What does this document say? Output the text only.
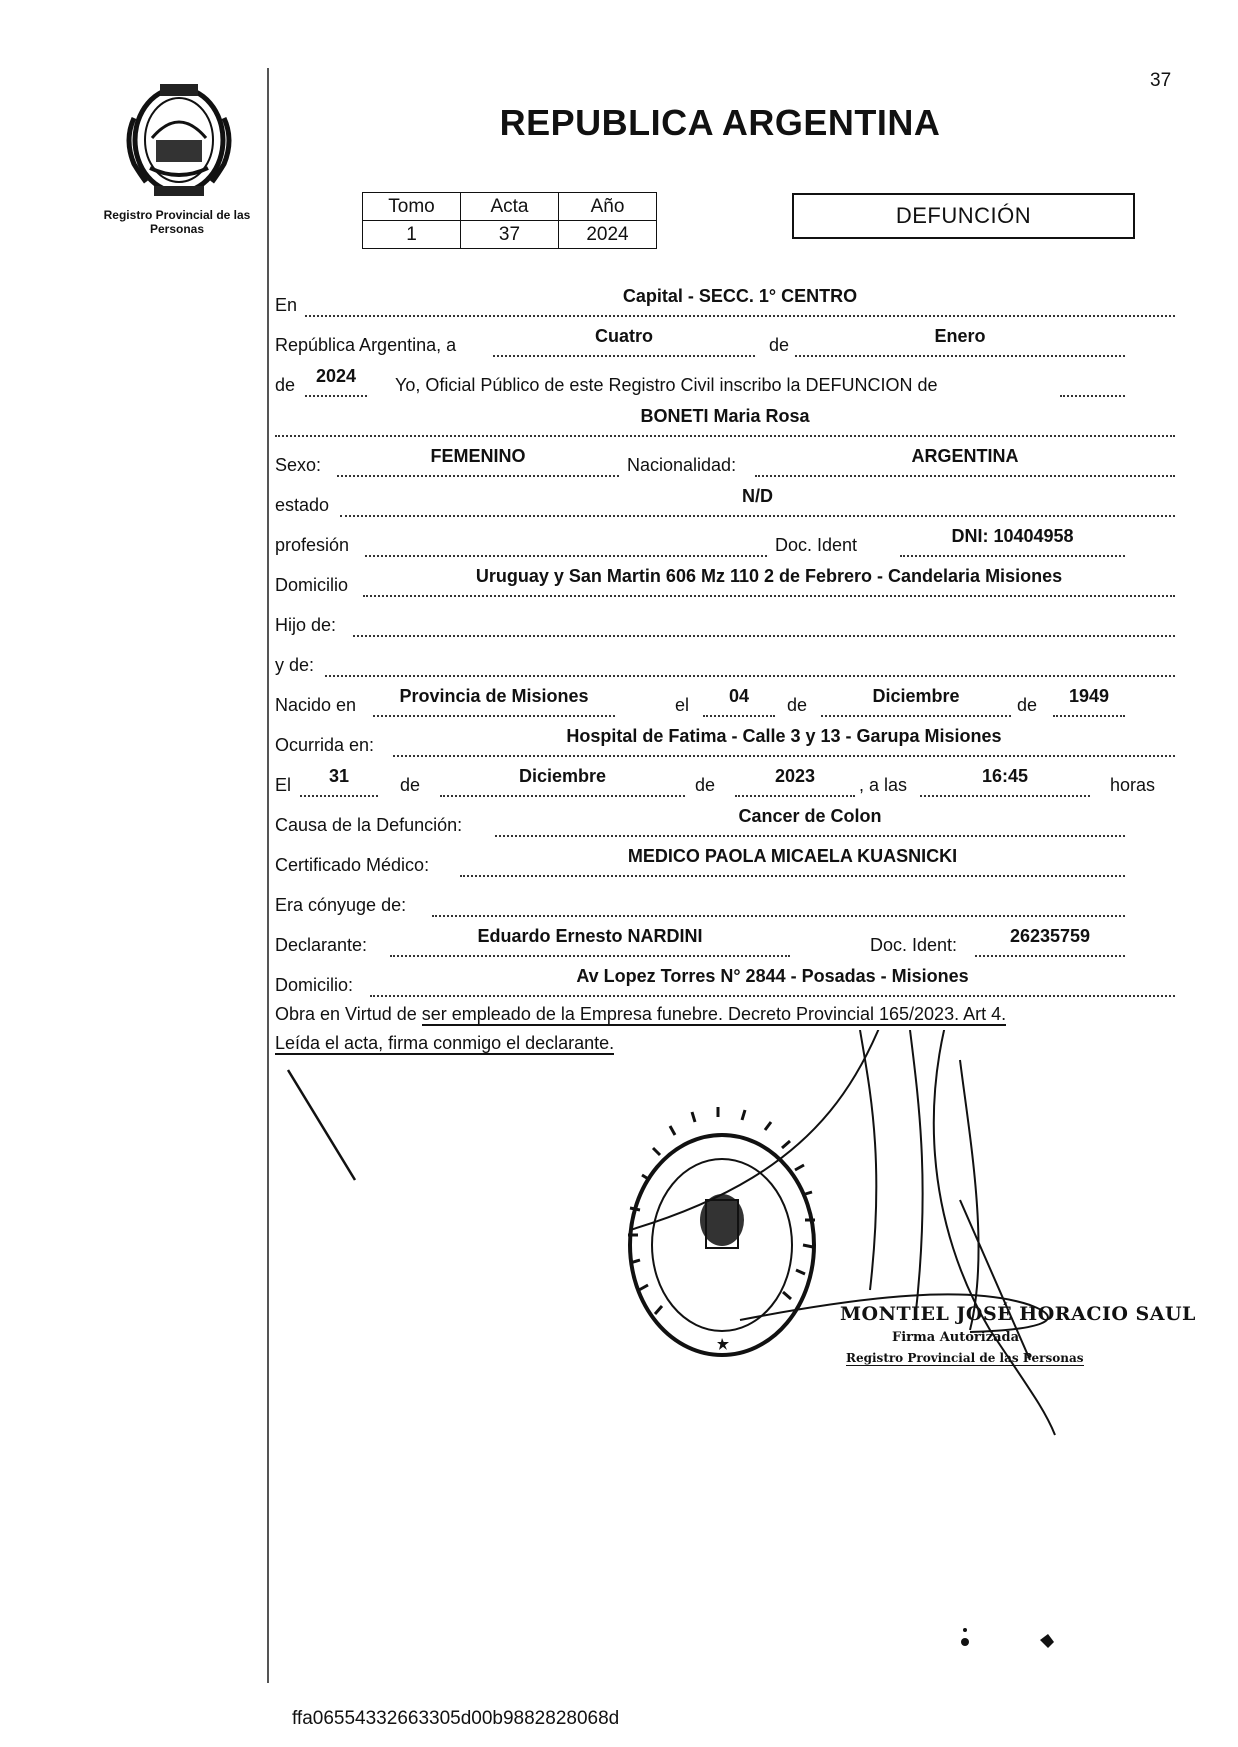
37
Registro Provincial de las Personas
REPUBLICA ARGENTINA
Tomo	Acta	Año
1	37	2024
DEFUNCIÓN
En	Capital - SECC. 1° CENTRO
República Argentina, a	Cuatro	de	Enero
de	2024	Yo, Oficial Público de este Registro Civil inscribo la DEFUNCION de
BONETI Maria Rosa
Sexo:	FEMENINO	Nacionalidad:	ARGENTINA
estado	N/D
profesión	Doc. Ident	DNI: 10404958
Domicilio	Uruguay y San Martin 606 Mz 110 2 de Febrero - Candelaria Misiones
Hijo de:
y de:
Nacido en	Provincia de Misiones	el	04	de	Diciembre	de	1949
Ocurrida en:	Hospital de Fatima - Calle 3 y 13 - Garupa Misiones
El	31	de	Diciembre	de	2023	, a las	16:45	horas
Causa de la Defunción:	Cancer de Colon
Certificado Médico:	MEDICO PAOLA MICAELA KUASNICKI
Era cónyuge de:
Declarante:	Eduardo Ernesto NARDINI	Doc. Ident:	26235759
Domicilio:	Av Lopez Torres N° 2844 - Posadas - Misiones
Obra en Virtud de ser empleado de la Empresa funebre. Decreto Provincial 165/2023. Art 4.
Leída el acta, firma conmigo el declarante.
MONTIEL JOSÉ HORACIO SAUL
Firma Autorizada
Registro Provincial de las Personas
ffa06554332663305d00b9882828068d
